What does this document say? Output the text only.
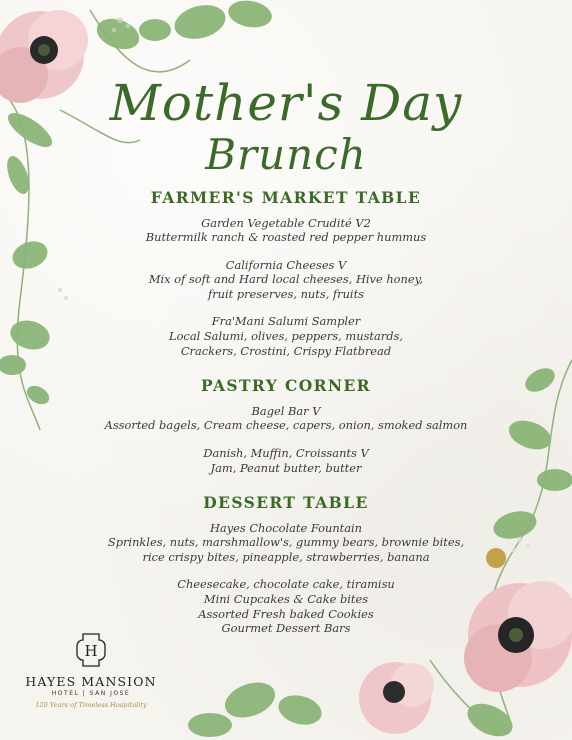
Mother's Day
Brunch
FARMER'S MARKET TABLE
Garden Vegetable Crudité V2
Buttermilk ranch & roasted red pepper hummus
California Cheeses V
Mix of soft and Hard local cheeses, Hive honey,
fruit preserves, nuts, fruits
Fra'Mani Salumi Sampler
Local Salumi, olives, peppers, mustards,
Crackers, Crostini, Crispy Flatbread
PASTRY CORNER
Bagel Bar V
Assorted bagels, Cream cheese, capers, onion, smoked salmon
Danish, Muffin, Croissants V
Jam, Peanut butter, butter
DESSERT TABLE
Hayes Chocolate Fountain
Sprinkles, nuts, marshmallow's, gummy bears, brownie bites,
rice crispy bites, pineapple, strawberries, banana
Cheesecake, chocolate cake, tiramisu
Mini Cupcakes & Cake bites
Assorted Fresh baked Cookies
Gourmet Dessert Bars
H
HAYES MANSION
HOTEL | SAN JOSE
120 Years of Timeless Hospitality
